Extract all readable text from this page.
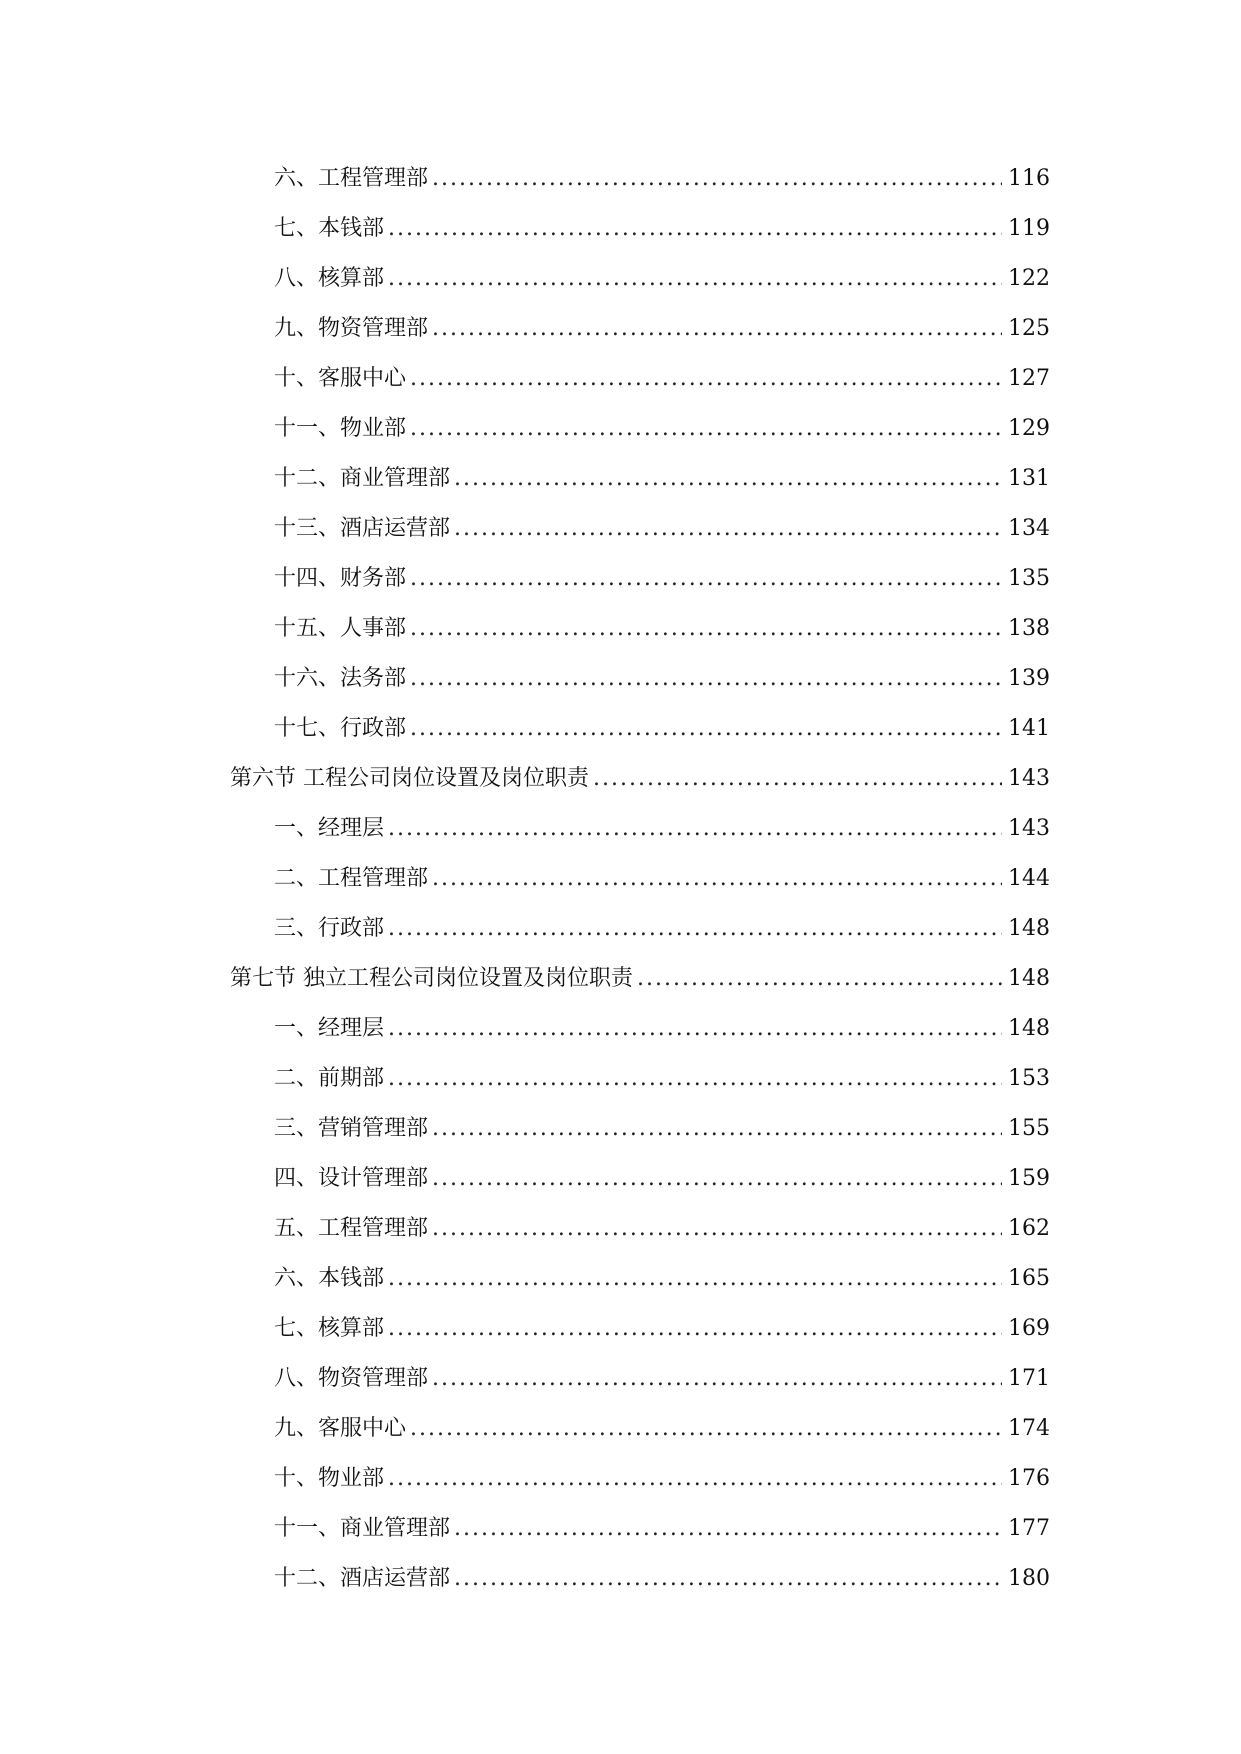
六、工程管理部 .....	116
七、本钱部 .....	119
八、核算部 .....	122
九、物资管理部 .....	125
十、客服中心 .....	127
十一、物业部 .....	129
十二、商业管理部 .....	131
十三、酒店运营部 .....	134
十四、财务部 .....	135
十五、人事部 .....	138
十六、法务部 .....	139
十七、行政部 .....	141
第六节 工程公司岗位设置及岗位职责 .....	143
一、经理层 .....	143
二、工程管理部 .....	144
三、行政部 .....	148
第七节 独立工程公司岗位设置及岗位职责 .....	148
一、经理层 .....	148
二、前期部 .....	153
三、营销管理部 .....	155
四、设计管理部 .....	159
五、工程管理部 .....	162
六、本钱部 .....	165
七、核算部 .....	169
八、物资管理部 .....	171
九、客服中心 .....	174
十、物业部 .....	176
十一、商业管理部 .....	177
十二、酒店运营部 .....	180
